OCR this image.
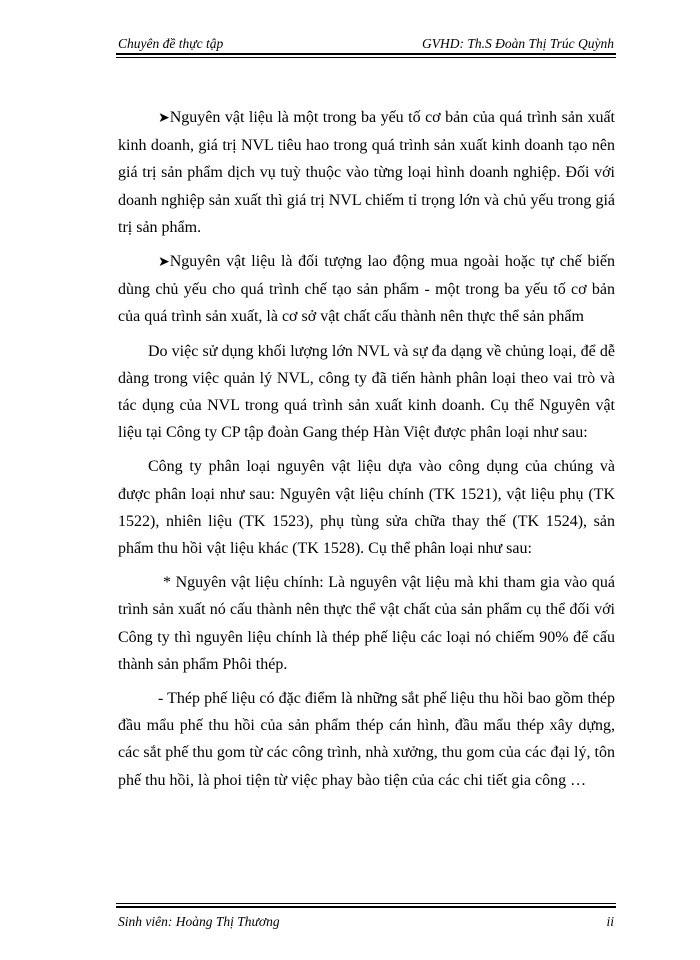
Chuyên đề thực tập	GVHD: Th.S Đoàn Thị Trúc Quỳnh

➤Nguyên vật liệu là một trong ba yếu tố cơ bản của quá trình sản xuất kinh doanh, giá trị NVL tiêu hao trong quá trình sản xuất kinh doanh tạo nên giá trị sản phẩm dịch vụ tuỳ thuộc vào từng loại hình doanh nghiệp. Đối với doanh nghiệp sản xuất thì giá trị NVL chiếm tỉ trọng lớn và chủ yếu trong giá trị sản phẩm.

➤Nguyên vật liệu là đối tượng lao động mua ngoài hoặc tự chế biến dùng chủ yếu cho quá trình chế tạo sản phẩm - một trong ba yếu tố cơ bản của quá trình sản xuất, là cơ sở vật chất cấu thành nên thực thể sản phẩm

Do việc sử dụng khối lượng lớn NVL và sự đa dạng về chủng loại, để dễ dàng trong việc quản lý NVL, công ty đã tiến hành phân loại theo vai trò và tác dụng của NVL trong quá trình sản xuất kinh doanh. Cụ thể Nguyên vật liệu tại Công ty CP tập đoàn Gang thép Hàn Việt được phân loại như sau:

Công ty phân loại nguyên vật liệu dựa vào công dụng của chúng và được phân loại như sau: Nguyên vật liệu chính (TK 1521), vật liệu phụ (TK 1522), nhiên liệu (TK 1523), phụ tùng sửa chữa thay thế (TK 1524), sản phẩm thu hồi vật liệu khác (TK 1528). Cụ thể phân loại như sau:

* Nguyên vật liệu chính: Là nguyên vật liệu mà khi tham gia vào quá trình sản xuất nó cấu thành nên thực thể vật chất của sản phẩm cụ thể đối với Công ty thì nguyên liệu chính là thép phế liệu các loại nó chiếm 90% để cấu thành sản phẩm Phôi thép.

- Thép phế liệu có đặc điểm là những sắt phế liệu thu hồi bao gồm thép đầu mẩu phế thu hồi của sản phẩm thép cán hình, đầu mẩu thép xây dựng, các sắt phế thu gom từ các công trình, nhà xưởng, thu gom của các đại lý, tôn phế thu hồi, là phoi tiện từ việc phay bào tiện của các chi tiết gia công …

Sinh viên: Hoàng Thị Thương	ii
